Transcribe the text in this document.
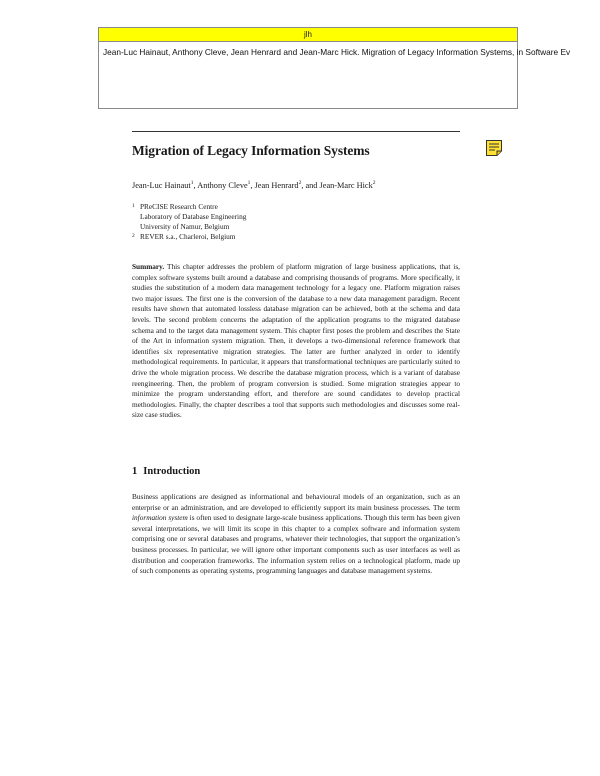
jlh
Jean-Luc Hainaut, Anthony Cleve, Jean Henrard and Jean-Marc Hick. Migration of Legacy Information Systems, in Software Ev
Migration of Legacy Information Systems
Jean-Luc Hainaut$^1$, Anthony Cleve$^1$, Jean Henrard$^2$, and Jean-Marc Hick$^2$
1 PReCISE Research Centre
Laboratory of Database Engineering
University of Namur, Belgium
2 REVER s.a., Charleroi, Belgium

Summary. This chapter addresses the problem of platform migration of large business applications, that is, complex software systems built around a database and comprising thousands of programs. More specifically, it studies the substitution of a modern data management technology for a legacy one. Platform migration raises two major issues. The first one is the conversion of the database to a new data management paradigm. Recent results have shown that automated lossless database migration can be achieved, both at the schema and data levels. The second problem concerns the adaptation of the application programs to the migrated database schema and to the target data management system. This chapter first poses the problem and describes the State of the Art in information system migration. Then, it develops a two-dimensional reference framework that identifies six representative migration strategies. The latter are further analyzed in order to identify methodological requirements. In particular, it appears that transformational techniques are particularly suited to drive the whole migration process. We describe the database migration process, which is a variant of database reengineering. Then, the problem of program conversion is studied. Some migration strategies appear to minimize the program understanding effort, and therefore are sound candidates to develop practical methodologies. Finally, the chapter describes a tool that supports such methodologies and discusses some real-size case studies.

1 Introduction

Business applications are designed as informational and behavioural models of an organization, such as an enterprise or an administration, and are developed to efficiently support its main business processes. The term information system is often used to designate large-scale business applications. Though this term has been given several interpretations, we will limit its scope in this chapter to a complex software and information system comprising one or several databases and programs, whatever their technologies, that support the organization’s business processes. In particular, we will ignore other important components such as user interfaces as well as distribution and cooperation frameworks. The information system relies on a technological platform, made up of such components as operating systems, programming languages and database management systems.
